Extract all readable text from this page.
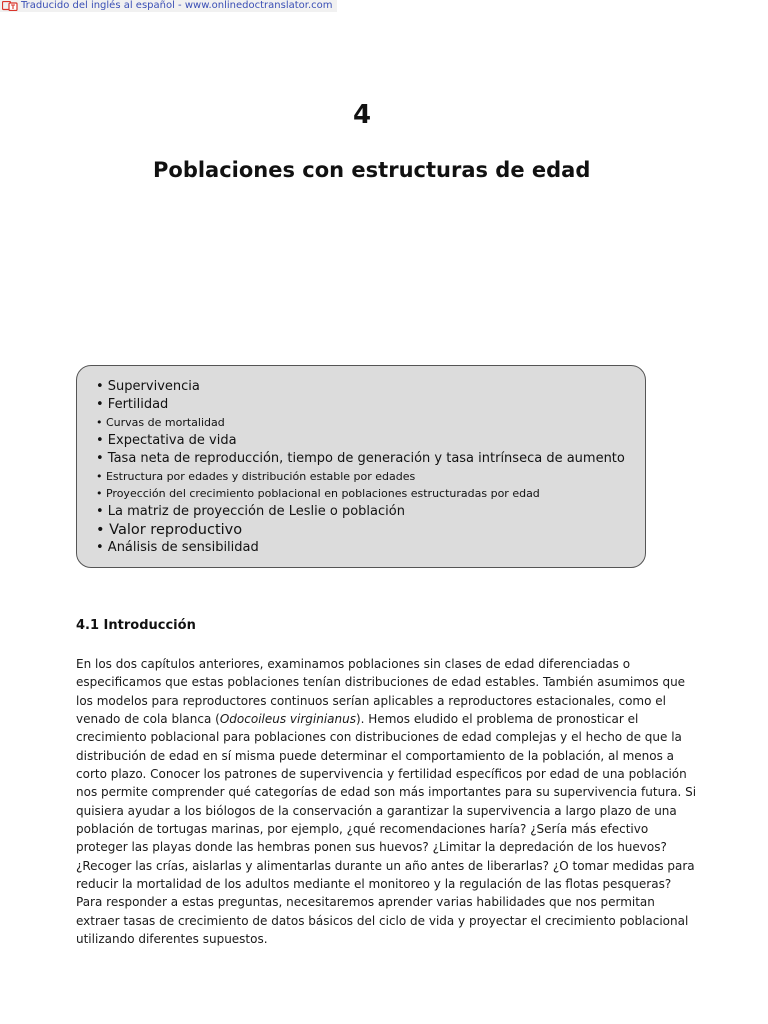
Traducido del inglés al español - www.onlinedoctranslator.com
4
Poblaciones con estructuras de edad
• Supervivencia
• Fertilidad
• Curvas de mortalidad
• Expectativa de vida
• Tasa neta de reproducción, tiempo de generación y tasa intrínseca de aumento
• Estructura por edades y distribución estable por edades
• Proyección del crecimiento poblacional en poblaciones estructuradas por edad
• La matriz de proyección de Leslie o población
• Valor reproductivo
• Análisis de sensibilidad
4.1 Introducción

En los dos capítulos anteriores, examinamos poblaciones sin clases de edad diferenciadas o
especificamos que estas poblaciones tenían distribuciones de edad estables. También asumimos que
los modelos para reproductores continuos serían aplicables a reproductores estacionales, como el
venado de cola blanca (Odocoileus virginianus). Hemos eludido el problema de pronosticar el
crecimiento poblacional para poblaciones con distribuciones de edad complejas y el hecho de que la
distribución de edad en sí misma puede determinar el comportamiento de la población, al menos a
corto plazo. Conocer los patrones de supervivencia y fertilidad específicos por edad de una población
nos permite comprender qué categorías de edad son más importantes para su supervivencia futura. Si
quisiera ayudar a los biólogos de la conservación a garantizar la supervivencia a largo plazo de una
población de tortugas marinas, por ejemplo, ¿qué recomendaciones haría? ¿Sería más efectivo
proteger las playas donde las hembras ponen sus huevos? ¿Limitar la depredación de los huevos?
¿Recoger las crías, aislarlas y alimentarlas durante un año antes de liberarlas? ¿O tomar medidas para
reducir la mortalidad de los adultos mediante el monitoreo y la regulación de las flotas pesqueras?
Para responder a estas preguntas, necesitaremos aprender varias habilidades que nos permitan
extraer tasas de crecimiento de datos básicos del ciclo de vida y proyectar el crecimiento poblacional
utilizando diferentes supuestos.
